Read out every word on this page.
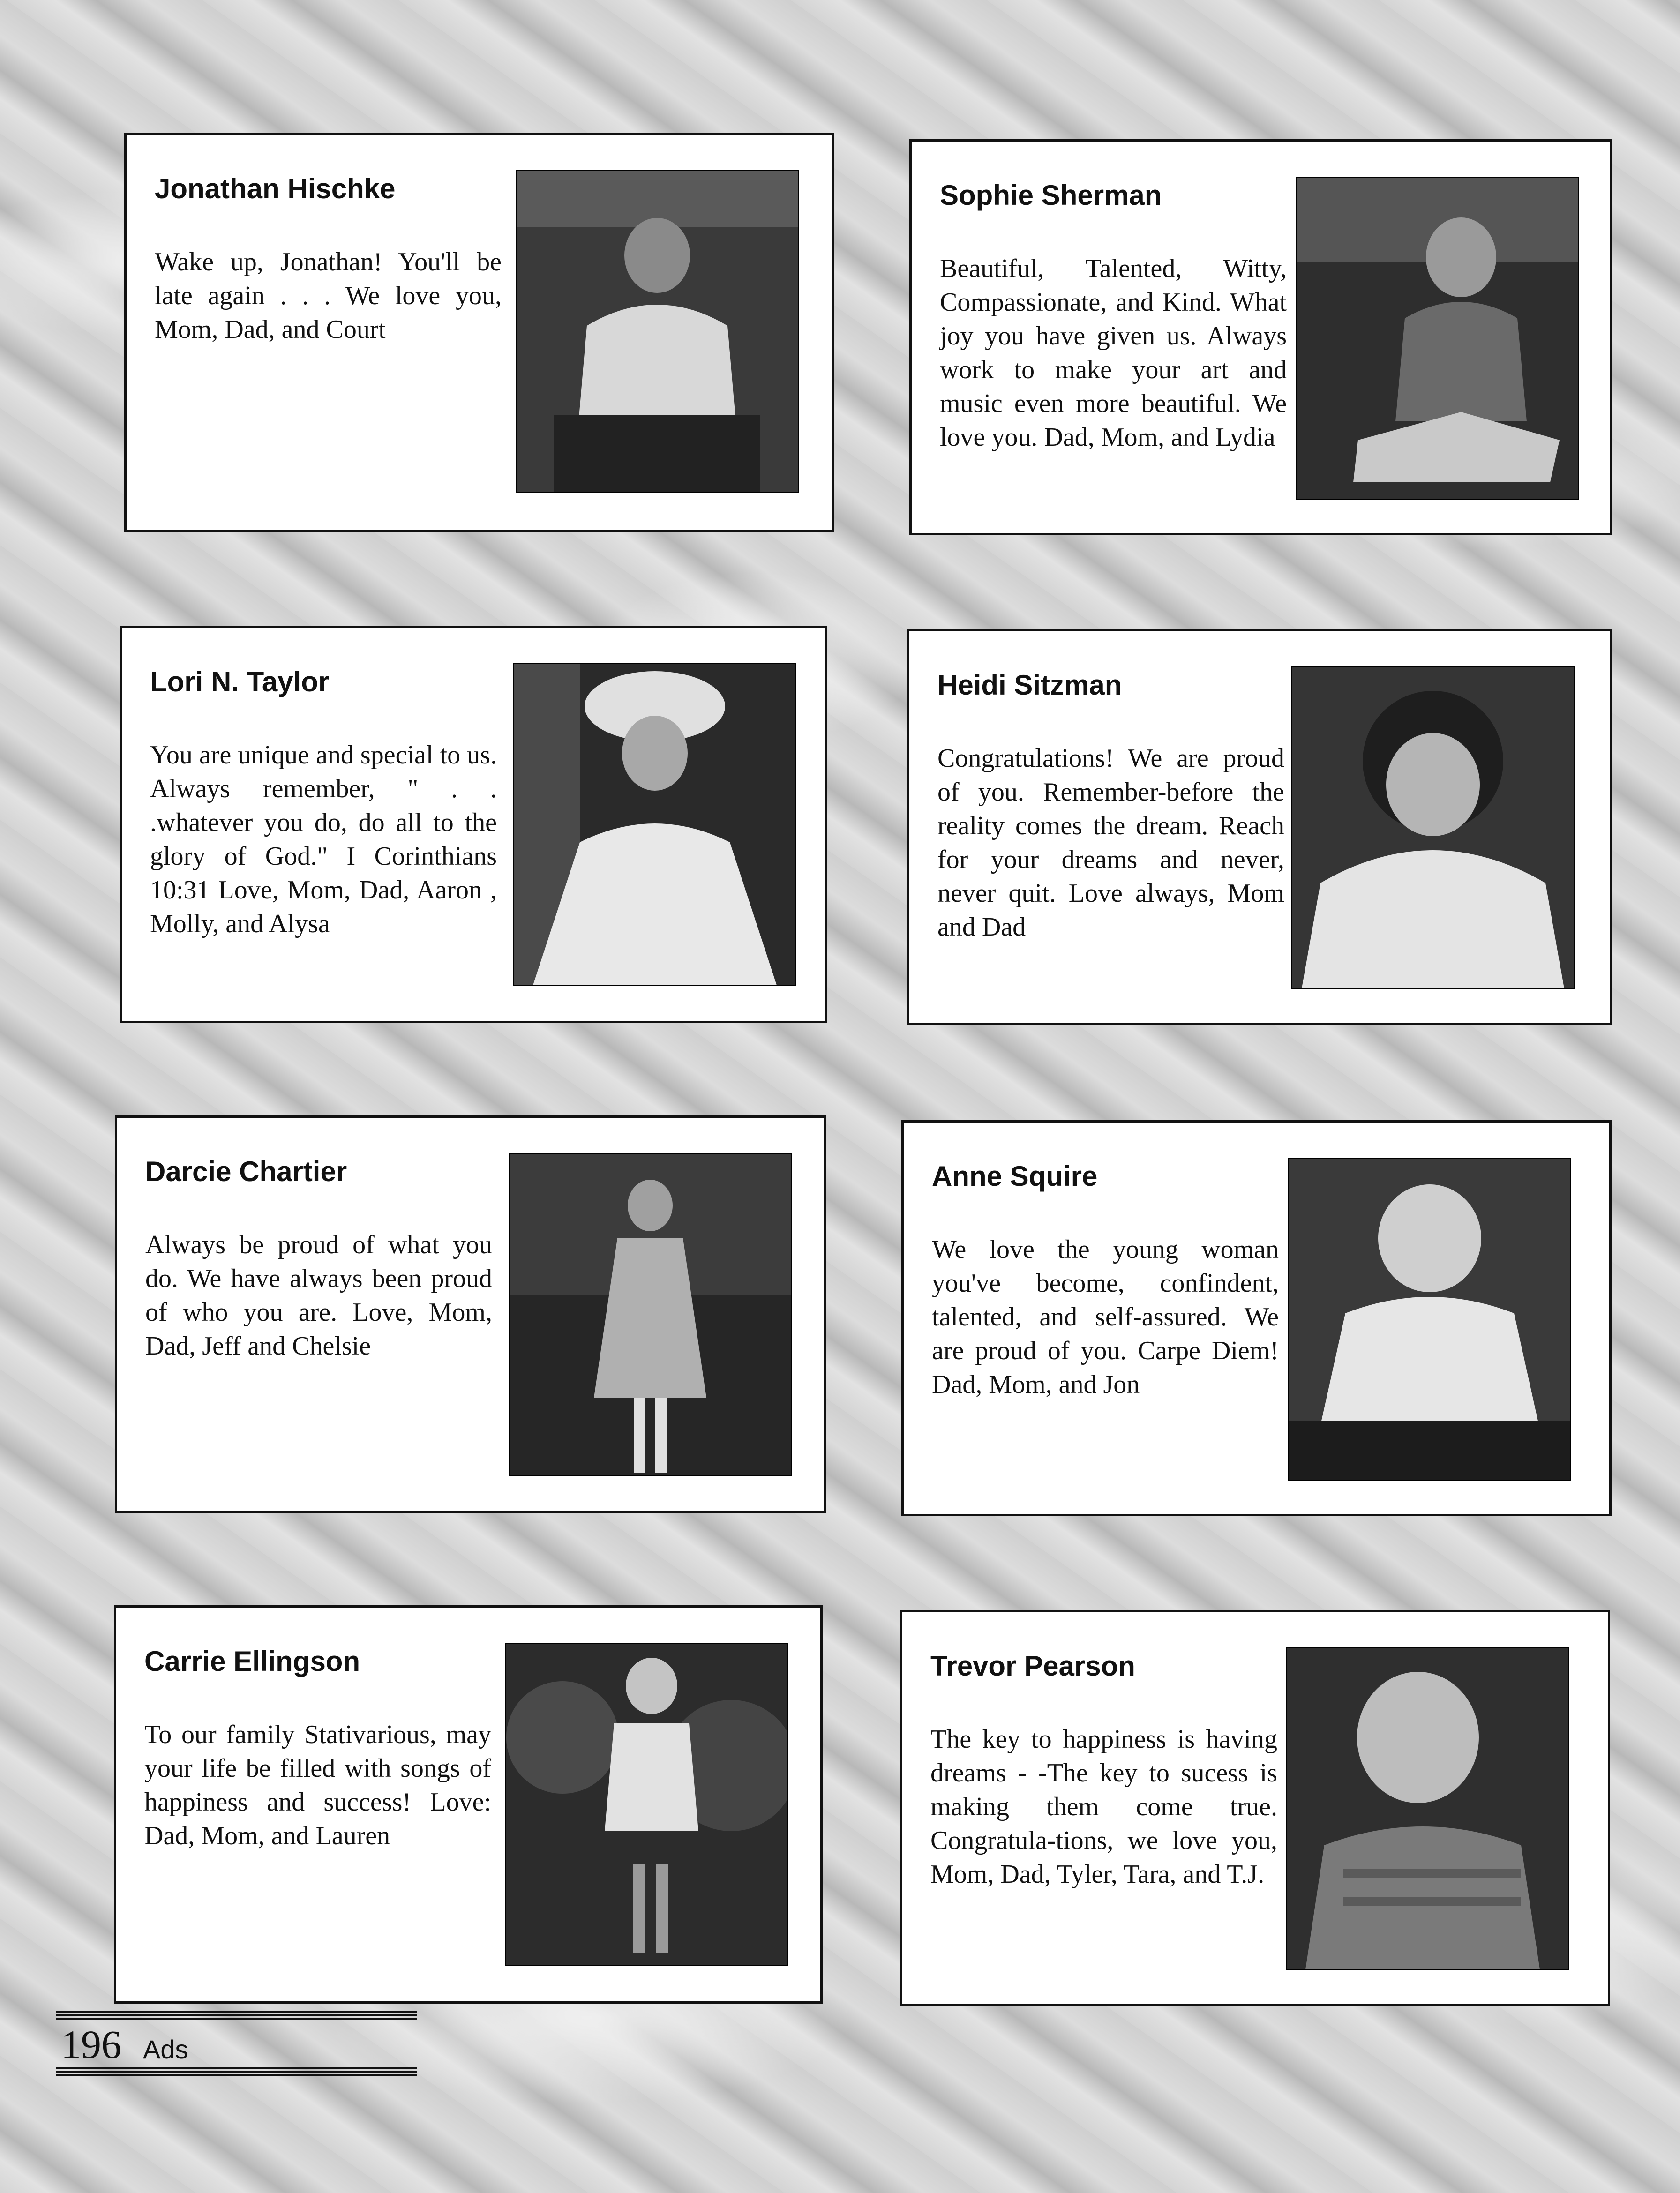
Jonathan Hischke
Wake up, Jonathan! You'll be late again . . . We love you, Mom, Dad, and Court
Sophie Sherman
Beautiful, Talented, Witty, Compassionate, and Kind. What joy you have given us. Always work to make your art and music even more beautiful. We love you. Dad, Mom, and Lydia
Lori N. Taylor
You are unique and special to us. Always remember, " . . .whatever you do, do all to the glory of God." I Corinthians 10:31 Love, Mom, Dad, Aaron , Molly, and Alysa
Heidi Sitzman
Congratulations! We are proud of you. Remember-before the reality comes the dream. Reach for your dreams and never, never quit. Love always, Mom and Dad
Darcie Chartier
Always be proud of what you do. We have always been proud of who you are. Love, Mom, Dad, Jeff and Chelsie
Anne Squire
We love the young woman you've become, confindent, talented, and self-assured. We are proud of you. Carpe Diem! Dad, Mom, and Jon
Carrie Ellingson
To our family Stativarious, may your life be filled with songs of happiness and success! Love: Dad, Mom, and Lauren
Trevor Pearson
The key to happiness is having dreams - -The key to sucess is making them come true. Congratula-tions, we love you, Mom, Dad, Tyler, Tara, and T.J.
196 Ads
